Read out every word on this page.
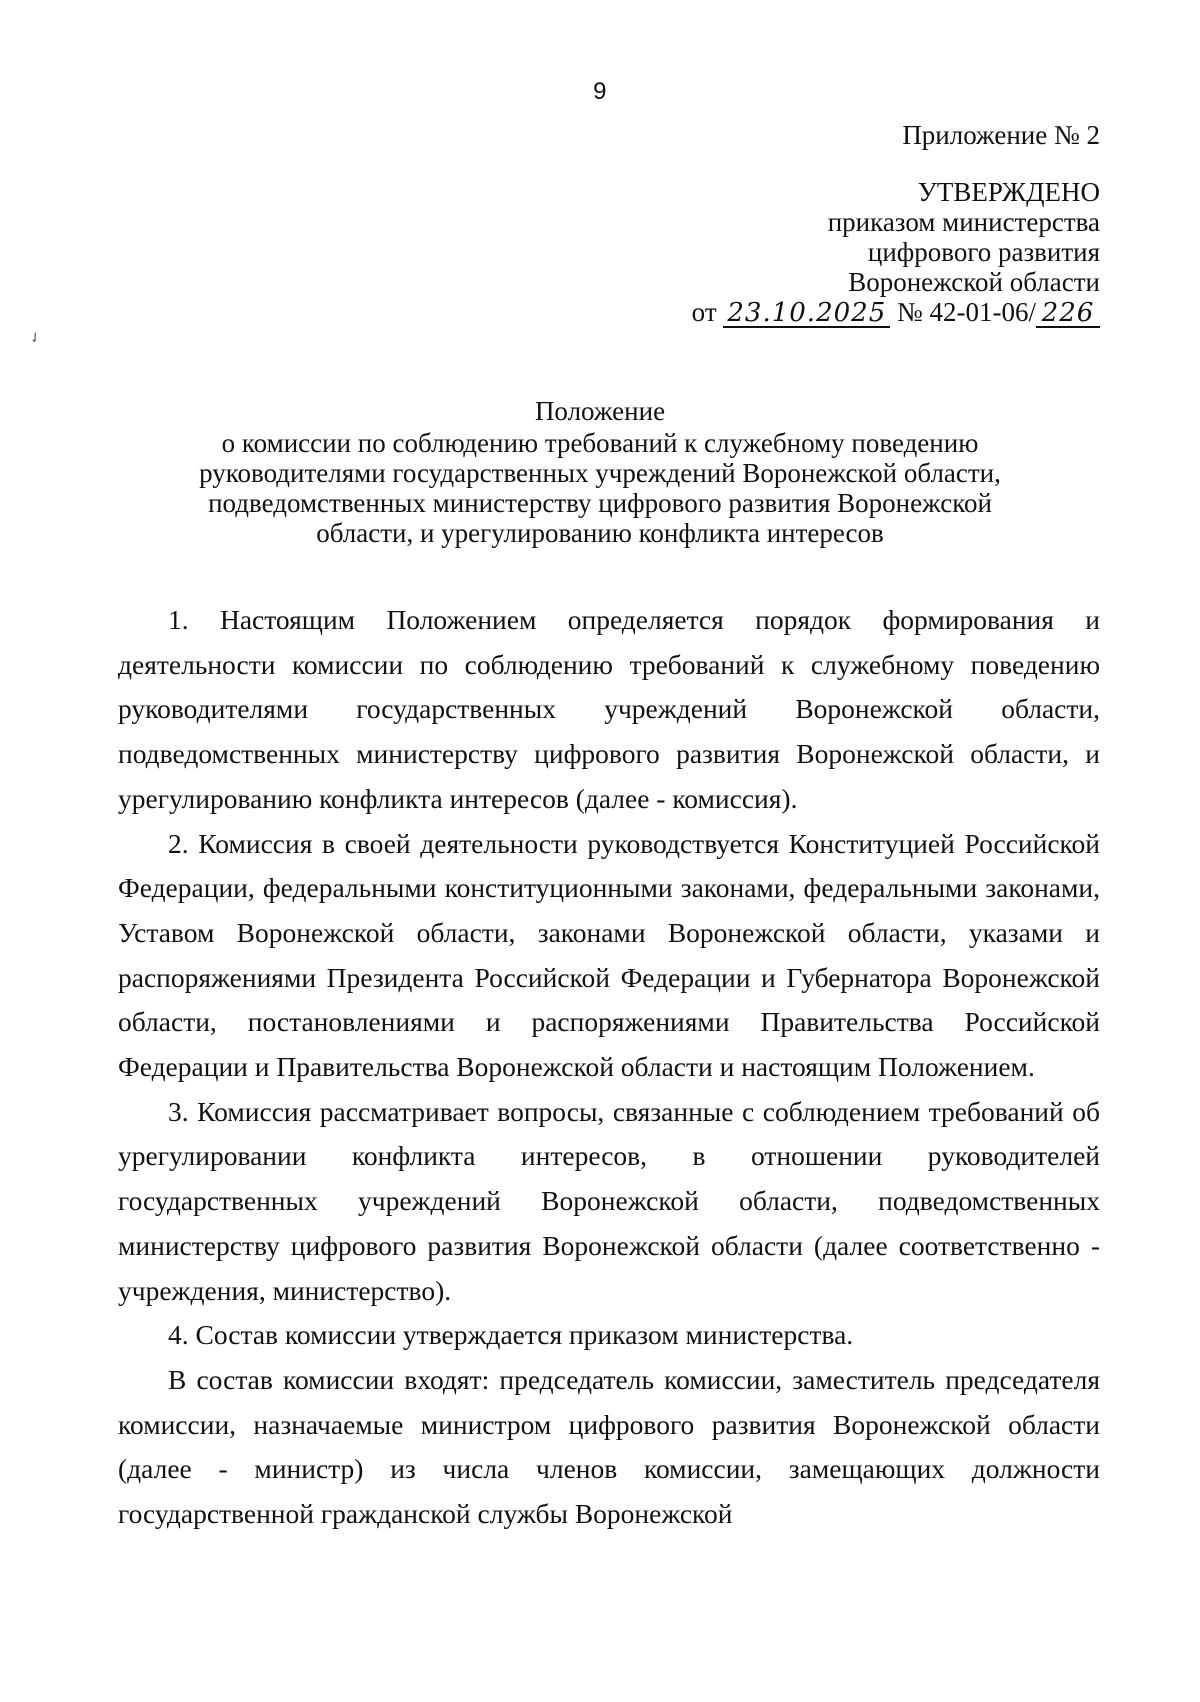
9
Приложение № 2
УТВЕРЖДЕНО
приказом министерства
цифрового развития
Воронежской области
от 23.10.2025 № 42-01-06/ 226
✓
Положение
о комиссии по соблюдению требований к служебному поведению
руководителями государственных учреждений Воронежской области,
подведомственных министерству цифрового развития Воронежской
области, и урегулированию конфликта интересов

1. Настоящим Положением определяется порядок формирования и деятельности комиссии по соблюдению требований к служебному поведению руководителями государственных учреждений Воронежской области, подведомственных министерству цифрового развития Воронежской области, и урегулированию конфликта интересов (далее - комиссия).

2. Комиссия в своей деятельности руководствуется Конституцией Российской Федерации, федеральными конституционными законами, федеральными законами, Уставом Воронежской области, законами Воронежской области, указами и распоряжениями Президента Российской Федерации и Губернатора Воронежской области, постановлениями и распоряжениями Правительства Российской Федерации и Правительства Воронежской области и настоящим Положением.

3. Комиссия рассматривает вопросы, связанные с соблюдением требований об урегулировании конфликта интересов, в отношении руководителей государственных учреждений Воронежской области, подведомственных министерству цифрового развития Воронежской области (далее соответственно - учреждения, министерство).

4. Состав комиссии утверждается приказом министерства.

В состав комиссии входят: председатель комиссии, заместитель председателя комиссии, назначаемые министром цифрового развития Воронежской области (далее - министр) из числа членов комиссии, замещающих должности государственной гражданской службы Воронежской
